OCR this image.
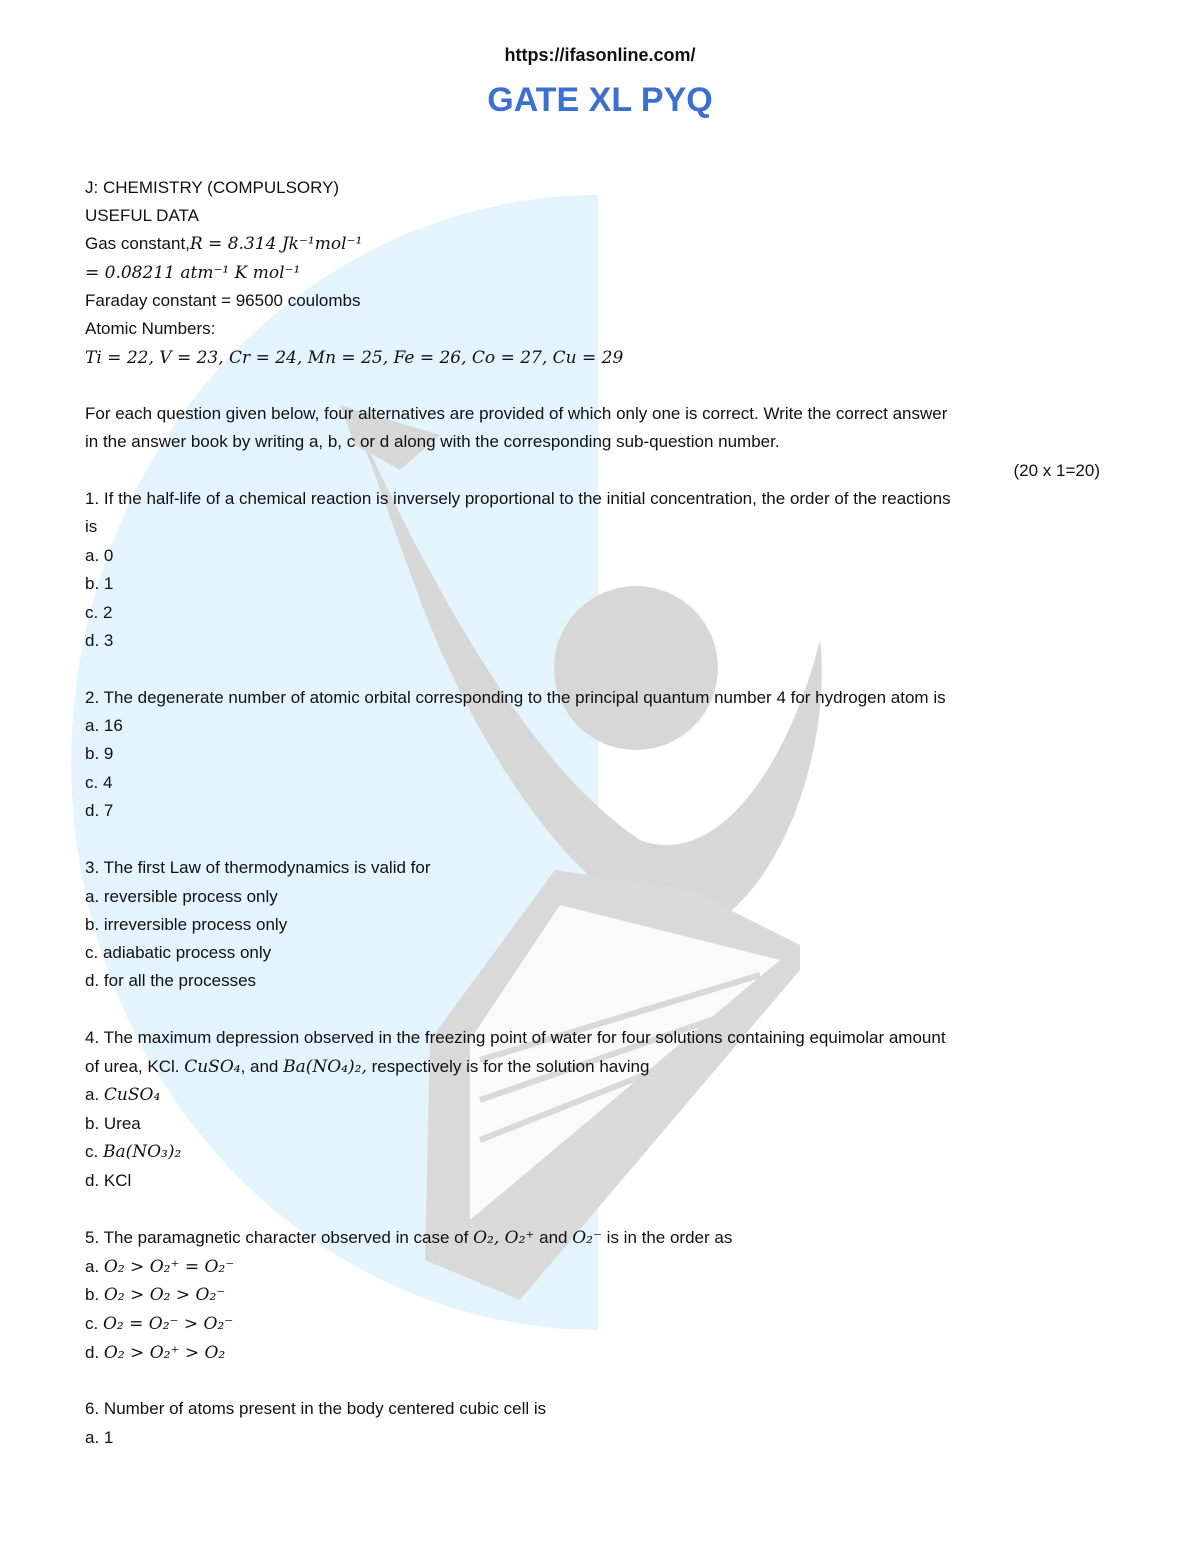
https://ifasonline.com/
GATE XL PYQ
J: CHEMISTRY (COMPULSORY)
USEFUL DATA
Gas constant,R = 8.314 Jk⁻¹mol⁻¹
= 0.08211 atm⁻¹ K mol⁻¹
Faraday constant = 96500 coulombs
Atomic Numbers:
Ti = 22, V = 23, Cr = 24, Mn = 25, Fe = 26, Co = 27, Cu = 29
For each question given below, four alternatives are provided of which only one is correct. Write the correct answer
in the answer book by writing a, b, c or d along with the corresponding sub-question number.
(20 x 1=20)
1. If the half-life of a chemical reaction is inversely proportional to the initial concentration, the order of the reactions
is
a. 0
b. 1
c. 2
d. 3
2. The degenerate number of atomic orbital corresponding to the principal quantum number 4 for hydrogen atom is
a. 16
b. 9
c. 4
d. 7
3. The first Law of thermodynamics is valid for
a. reversible process only
b. irreversible process only
c. adiabatic process only
d. for all the processes
4. The maximum depression observed in the freezing point of water for four solutions containing equimolar amount
of urea, KCl. CuSO₄, and Ba(NO₄)₂, respectively is for the solution having
a. CuSO₄
b. Urea
c. Ba(NO₃)₂
d. KCl
5. The paramagnetic character observed in case of O₂, O₂⁺ and O₂⁻ is in the order as
a. O₂ > O₂⁺ = O₂⁻
b. O₂ > O₂ > O₂⁻
c. O₂ = O₂⁻ > O₂⁻
d. O₂ > O₂⁺ > O₂
6. Number of atoms present in the body centered cubic cell is
a. 1
